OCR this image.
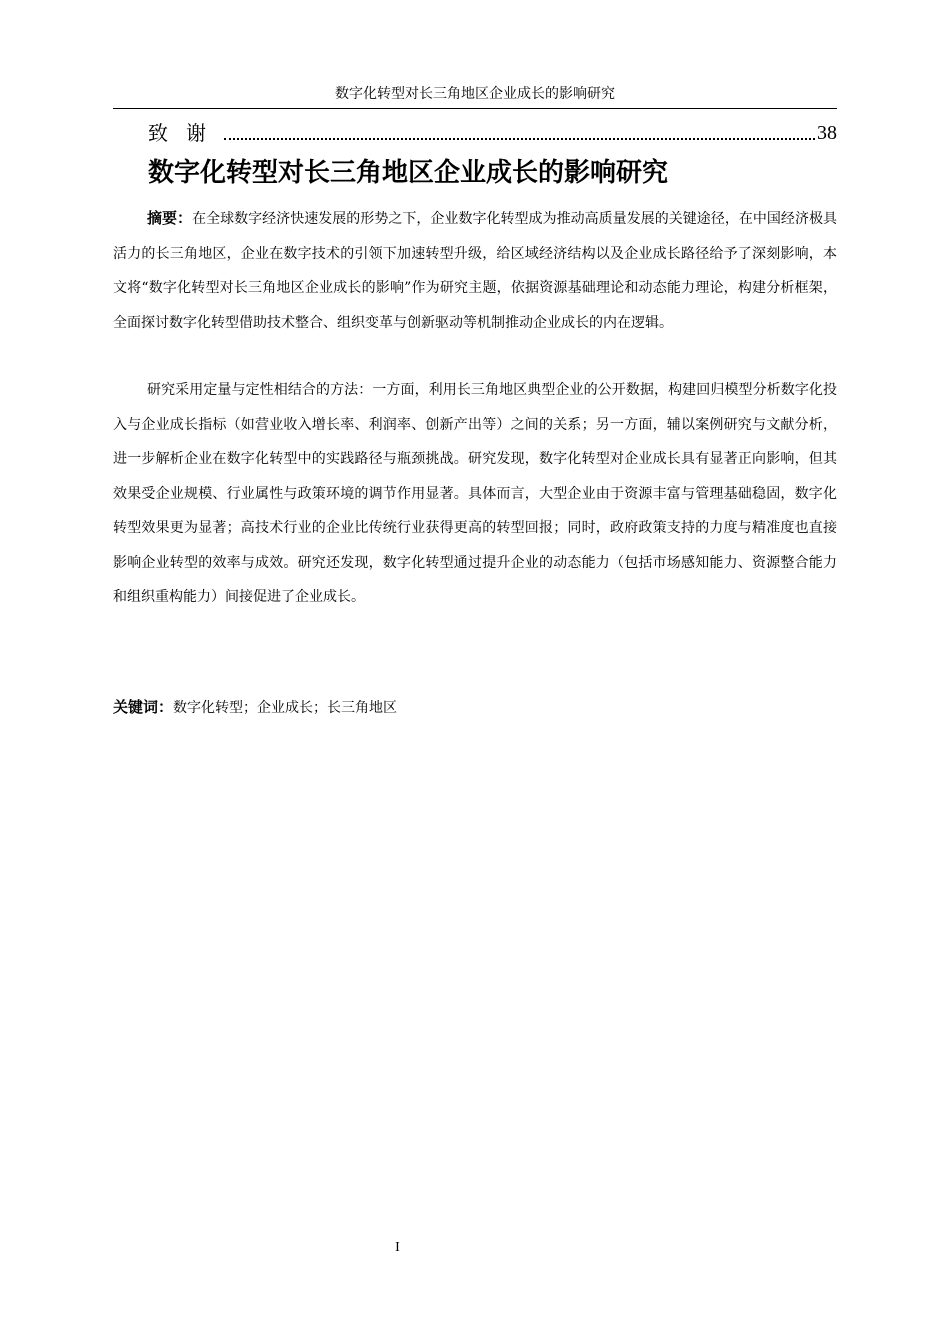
数字化转型对长三角地区企业成长的影响研究
致谢	38
数字化转型对长三角地区企业成长的影响研究
摘要：在全球数字经济快速发展的形势之下，企业数字化转型成为推动高质量发展的关键途径，在中国经济极具活力的长三角地区，企业在数字技术的引领下加速转型升级，给区域经济结构以及企业成长路径给予了深刻影响，本文将“数字化转型对长三角地区企业成长的影响”作为研究主题，依据资源基础理论和动态能力理论，构建分析框架，全面探讨数字化转型借助技术整合、组织变革与创新驱动等机制推动企业成长的内在逻辑。
研究采用定量与定性相结合的方法：一方面，利用长三角地区典型企业的公开数据，构建回归模型分析数字化投入与企业成长指标（如营业收入增长率、利润率、创新产出等）之间的关系；另一方面，辅以案例研究与文献分析，进一步解析企业在数字化转型中的实践路径与瓶颈挑战。研究发现，数字化转型对企业成长具有显著正向影响，但其效果受企业规模、行业属性与政策环境的调节作用显著。具体而言，大型企业由于资源丰富与管理基础稳固，数字化转型效果更为显著；高技术行业的企业比传统行业获得更高的转型回报；同时，政府政策支持的力度与精准度也直接影响企业转型的效率与成效。研究还发现，数字化转型通过提升企业的动态能力（包括市场感知能力、资源整合能力和组织重构能力）间接促进了企业成长。
关键词：数字化转型；企业成长；长三角地区
I
